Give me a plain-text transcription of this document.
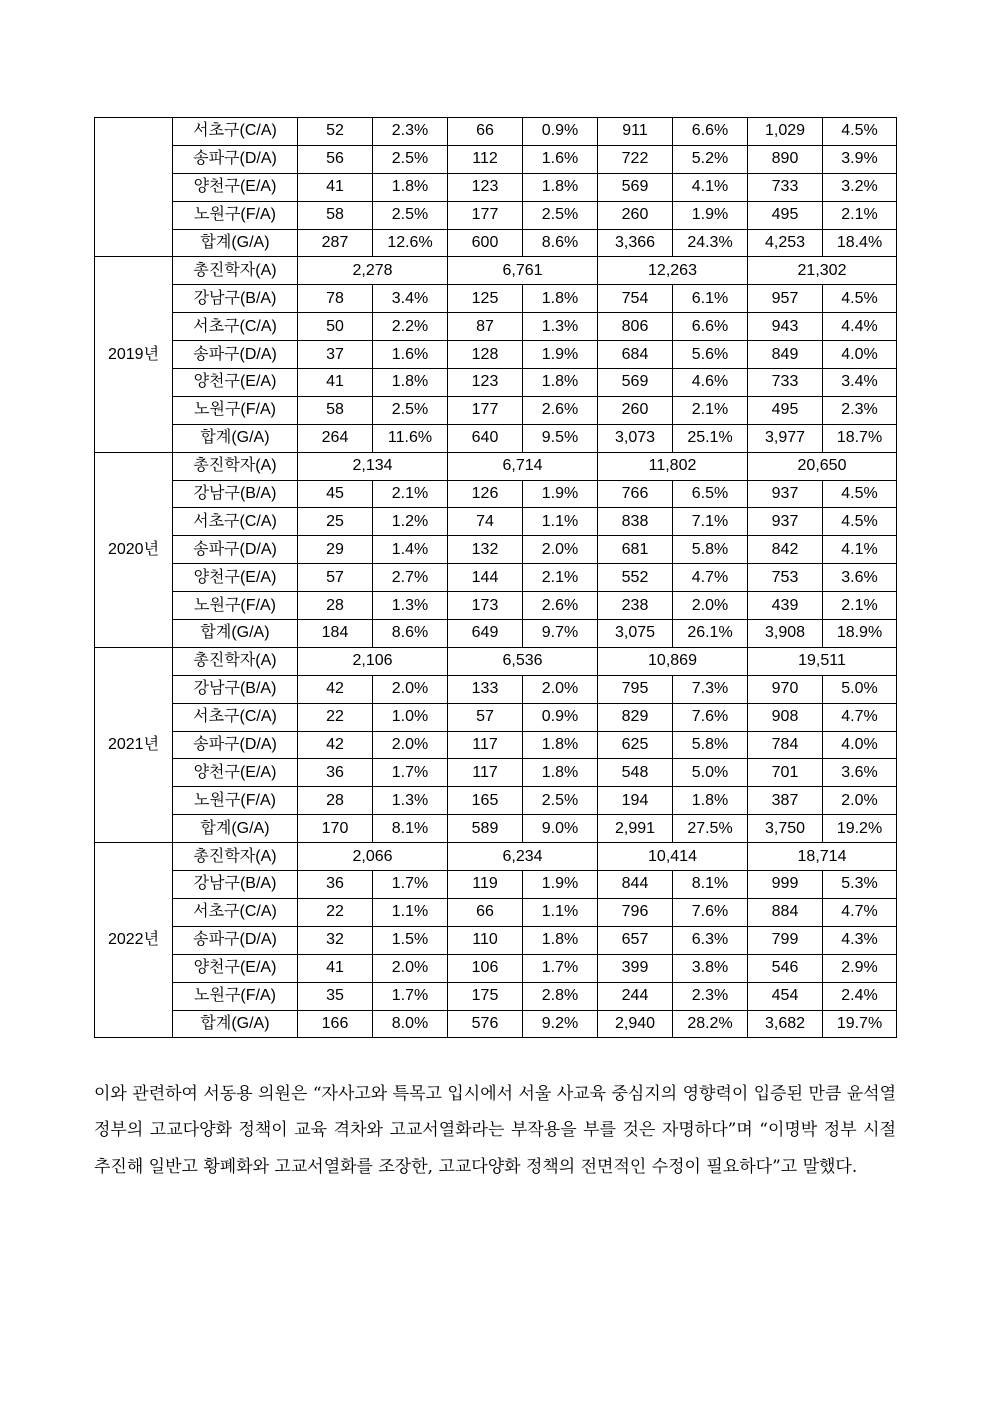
	서초구(C/A)	52	2.3%	66	0.9%	911	6.6%	1,029	4.5%
	송파구(D/A)	56	2.5%	112	1.6%	722	5.2%	890	3.9%
	양천구(E/A)	41	1.8%	123	1.8%	569	4.1%	733	3.2%
	노원구(F/A)	58	2.5%	177	2.5%	260	1.9%	495	2.1%
	합계(G/A)	287	12.6%	600	8.6%	3,366	24.3%	4,253	18.4%
2019년	총진학자(A)	2,278		6,761		12,263		21,302	
	강남구(B/A)	78	3.4%	125	1.8%	754	6.1%	957	4.5%
	서초구(C/A)	50	2.2%	87	1.3%	806	6.6%	943	4.4%
	송파구(D/A)	37	1.6%	128	1.9%	684	5.6%	849	4.0%
	양천구(E/A)	41	1.8%	123	1.8%	569	4.6%	733	3.4%
	노원구(F/A)	58	2.5%	177	2.6%	260	2.1%	495	2.3%
	합계(G/A)	264	11.6%	640	9.5%	3,073	25.1%	3,977	18.7%
2020년	총진학자(A)	2,134		6,714		11,802		20,650	
	강남구(B/A)	45	2.1%	126	1.9%	766	6.5%	937	4.5%
	서초구(C/A)	25	1.2%	74	1.1%	838	7.1%	937	4.5%
	송파구(D/A)	29	1.4%	132	2.0%	681	5.8%	842	4.1%
	양천구(E/A)	57	2.7%	144	2.1%	552	4.7%	753	3.6%
	노원구(F/A)	28	1.3%	173	2.6%	238	2.0%	439	2.1%
	합계(G/A)	184	8.6%	649	9.7%	3,075	26.1%	3,908	18.9%
2021년	총진학자(A)	2,106		6,536		10,869		19,511	
	강남구(B/A)	42	2.0%	133	2.0%	795	7.3%	970	5.0%
	서초구(C/A)	22	1.0%	57	0.9%	829	7.6%	908	4.7%
	송파구(D/A)	42	2.0%	117	1.8%	625	5.8%	784	4.0%
	양천구(E/A)	36	1.7%	117	1.8%	548	5.0%	701	3.6%
	노원구(F/A)	28	1.3%	165	2.5%	194	1.8%	387	2.0%
	합계(G/A)	170	8.1%	589	9.0%	2,991	27.5%	3,750	19.2%
2022년	총진학자(A)	2,066		6,234		10,414		18,714	
	강남구(B/A)	36	1.7%	119	1.9%	844	8.1%	999	5.3%
	서초구(C/A)	22	1.1%	66	1.1%	796	7.6%	884	4.7%
	송파구(D/A)	32	1.5%	110	1.8%	657	6.3%	799	4.3%
	양천구(E/A)	41	2.0%	106	1.7%	399	3.8%	546	2.9%
	노원구(F/A)	35	1.7%	175	2.8%	244	2.3%	454	2.4%
	합계(G/A)	166	8.0%	576	9.2%	2,940	28.2%	3,682	19.7%

이와 관련하여 서동용 의원은 “자사고와 특목고 입시에서 서울 사교육 중심지의 영향력이 입증된 만큼 윤석열 정부의 고교다양화 정책이 교육 격차와 고교서열화라는 부작용을 부를 것은 자명하다”며 “이명박 정부 시절 추진해 일반고 황폐화와 고교서열화를 조장한, 고교다양화 정책의 전면적인 수정이 필요하다”고 말했다.
